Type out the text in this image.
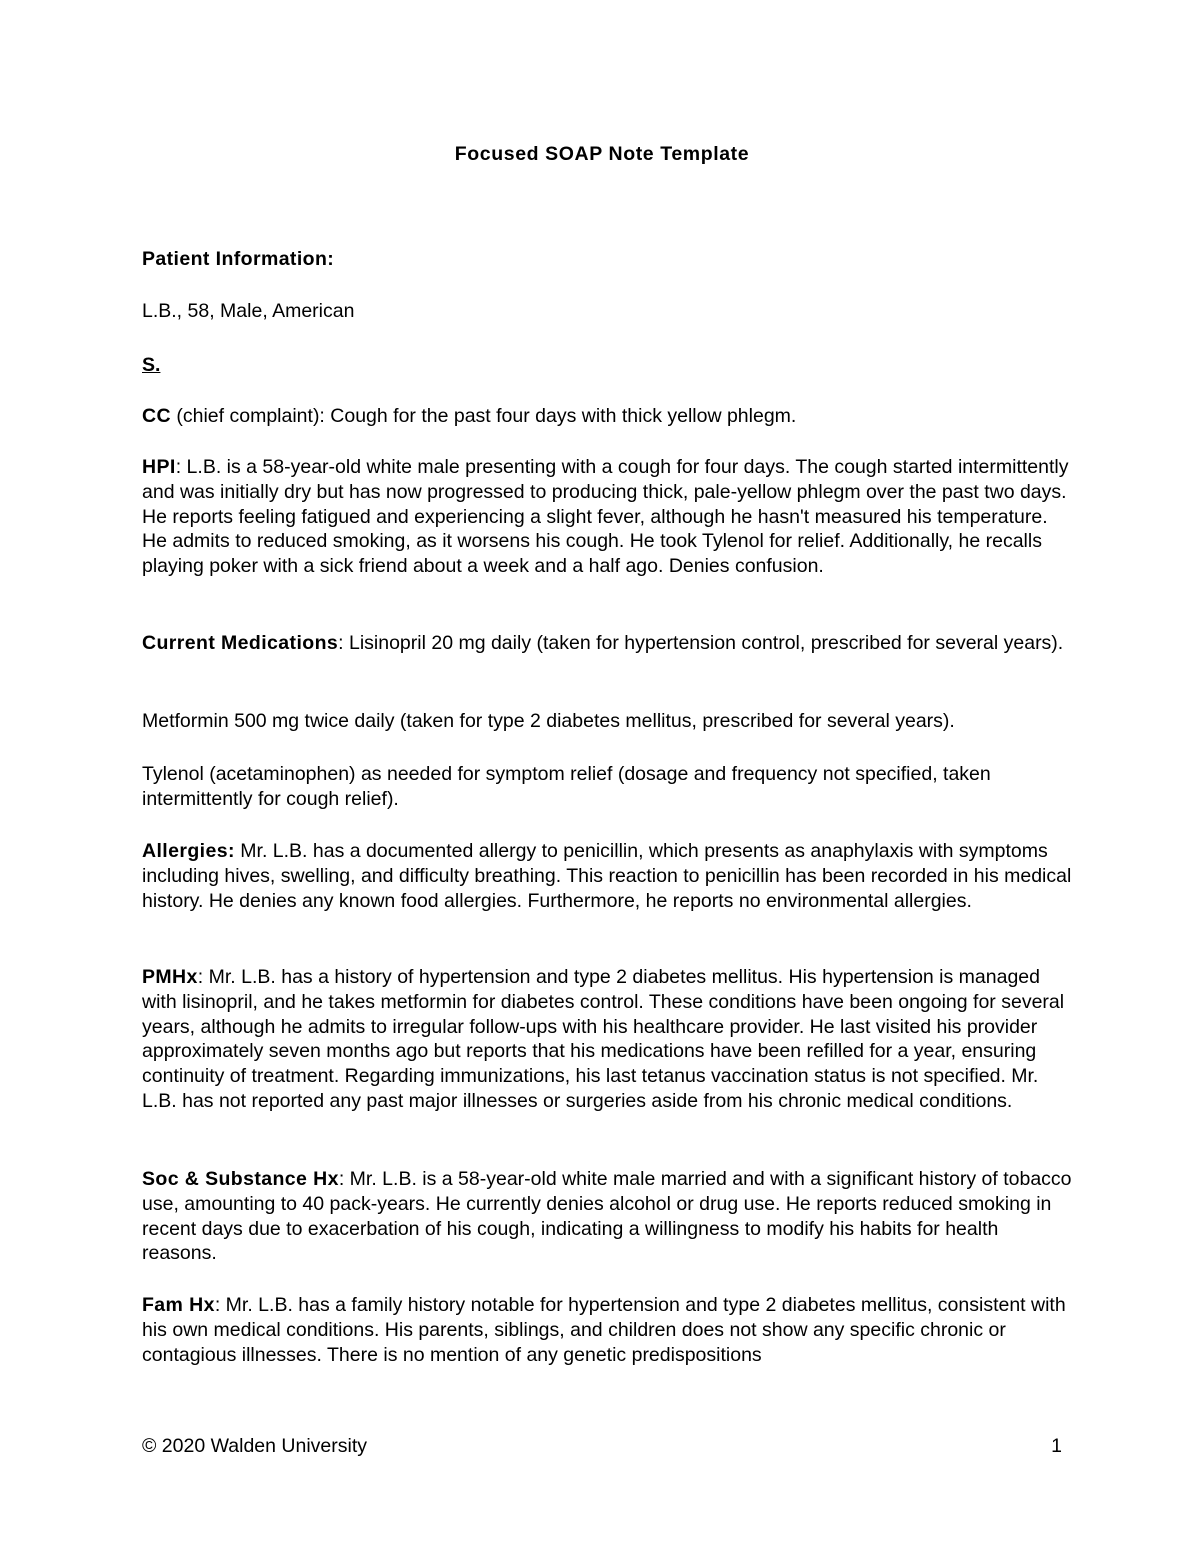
Focused SOAP Note Template

Patient Information:

L.B., 58, Male, American

S.

CC (chief complaint): Cough for the past four days with thick yellow phlegm.

HPI: L.B. is a 58-year-old white male presenting with a cough for four days. The cough started intermittently and was initially dry but has now progressed to producing thick, pale-yellow phlegm over the past two days. He reports feeling fatigued and experiencing a slight fever, although he hasn't measured his temperature. He admits to reduced smoking, as it worsens his cough. He took Tylenol for relief. Additionally, he recalls playing poker with a sick friend about a week and a half ago. Denies confusion.

Current Medications: Lisinopril 20 mg daily (taken for hypertension control, prescribed for several years).

Metformin 500 mg twice daily (taken for type 2 diabetes mellitus, prescribed for several years).

Tylenol (acetaminophen) as needed for symptom relief (dosage and frequency not specified, taken intermittently for cough relief).

Allergies: Mr. L.B. has a documented allergy to penicillin, which presents as anaphylaxis with symptoms including hives, swelling, and difficulty breathing. This reaction to penicillin has been recorded in his medical history. He denies any known food allergies. Furthermore, he reports no environmental allergies.

PMHx: Mr. L.B. has a history of hypertension and type 2 diabetes mellitus. His hypertension is managed with lisinopril, and he takes metformin for diabetes control. These conditions have been ongoing for several years, although he admits to irregular follow-ups with his healthcare provider. He last visited his provider approximately seven months ago but reports that his medications have been refilled for a year, ensuring continuity of treatment. Regarding immunizations, his last tetanus vaccination status is not specified. Mr. L.B. has not reported any past major illnesses or surgeries aside from his chronic medical conditions.

Soc & Substance Hx: Mr. L.B. is a 58-year-old white male married and with a significant history of tobacco use, amounting to 40 pack-years. He currently denies alcohol or drug use. He reports reduced smoking in recent days due to exacerbation of his cough, indicating a willingness to modify his habits for health reasons.

Fam Hx: Mr. L.B. has a family history notable for hypertension and type 2 diabetes mellitus, consistent with his own medical conditions. His parents, siblings, and children does not show any specific chronic or contagious illnesses. There is no mention of any genetic predispositions

© 2020 Walden University	1
